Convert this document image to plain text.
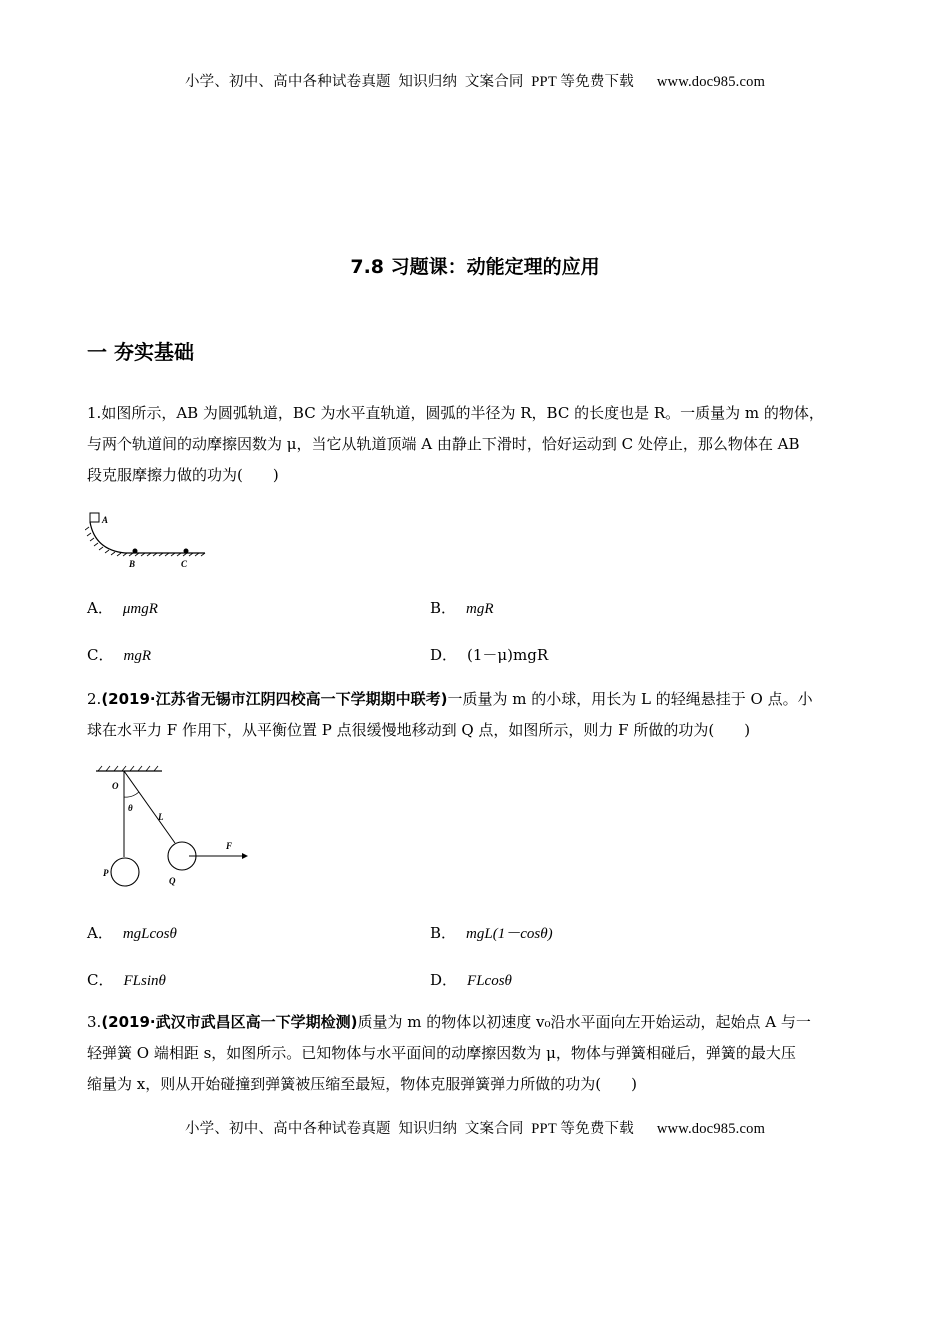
小学、初中、高中各种试卷真题  知识归纳  文案合同  PPT 等免费下载      www.doc985.com
7.8 习题课：动能定理的应用
一 夯实基础
1.如图所示，AB 为圆弧轨道，BC 为水平直轨道，圆弧的半径为 R，BC 的长度也是 R。一质量为 m 的物体，
与两个轨道间的动摩擦因数为 μ，当它从轨道顶端 A 由静止下滑时，恰好运动到 C 处停止，那么物体在 AB
段克服摩擦力做的功为(　　)
A
B	C
A． μmgR	B． mgR
C． mgR	D． (1－μ)mgR
2.(2019·江苏省无锡市江阴四校高一下学期期中联考)一质量为 m 的小球，用长为 L 的轻绳悬挂于 O 点。小
球在水平力 F 作用下，从平衡位置 P 点很缓慢地移动到 Q 点，如图所示，则力 F 所做的功为(　　)
O
θ
L
F
P
Q
A． mgLcosθ	B． mgL(1－cosθ)
C． FLsinθ	D． FLcosθ
3.(2019·武汉市武昌区高一下学期检测)质量为 m 的物体以初速度 v₀沿水平面向左开始运动，起始点 A 与一
轻弹簧 O 端相距 s，如图所示。已知物体与水平面间的动摩擦因数为 μ，物体与弹簧相碰后，弹簧的最大压
缩量为 x，则从开始碰撞到弹簧被压缩至最短，物体克服弹簧弹力所做的功为(　　)
小学、初中、高中各种试卷真题  知识归纳  文案合同  PPT 等免费下载      www.doc985.com
